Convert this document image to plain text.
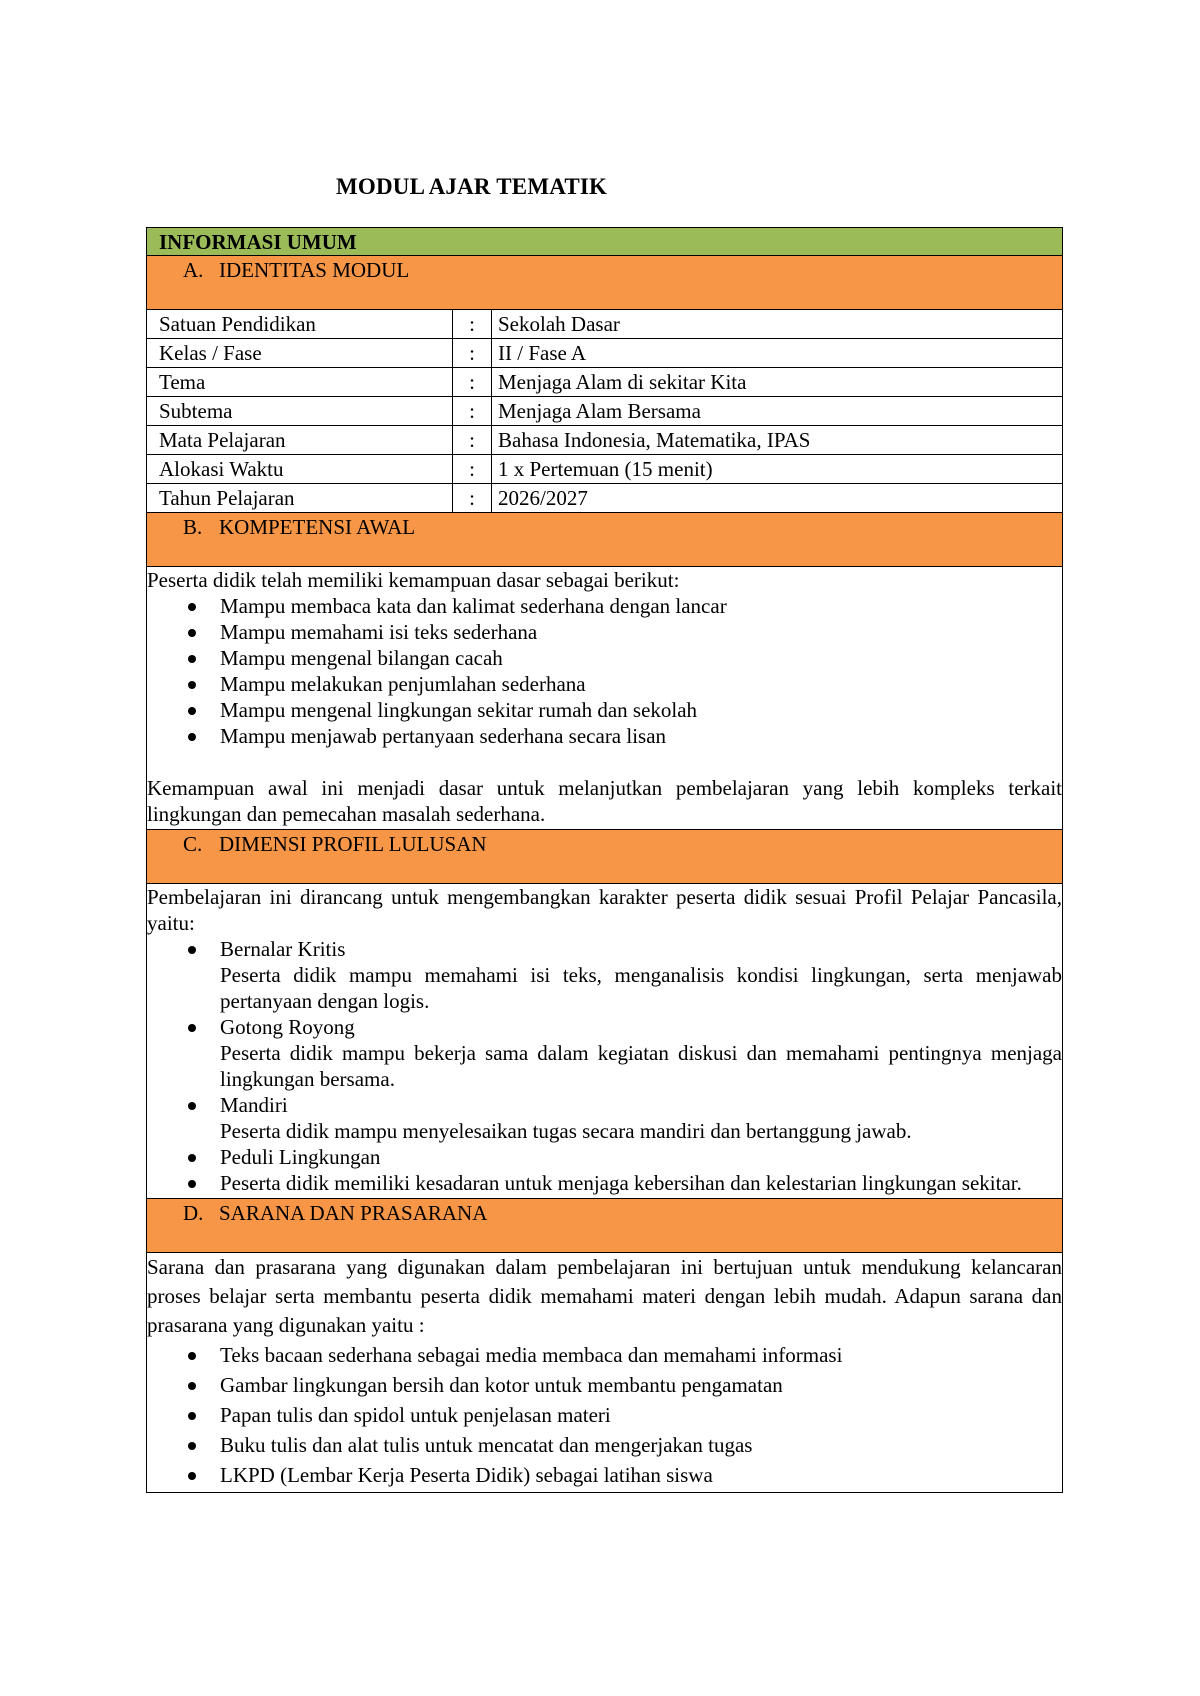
MODUL AJAR TEMATIK
INFORMASI UMUM
A. IDENTITAS MODUL
Satuan Pendidikan	:	Sekolah Dasar
Kelas / Fase	:	II / Fase A
Tema	:	Menjaga Alam di sekitar Kita
Subtema	:	Menjaga Alam Bersama
Mata Pelajaran	:	Bahasa Indonesia, Matematika, IPAS
Alokasi Waktu	:	1 x Pertemuan (15 menit)
Tahun Pelajaran	:	2026/2027
B. KOMPETENSI AWAL

Peserta didik telah memiliki kemampuan dasar sebagai berikut:

Mampu membaca kata dan kalimat sederhana dengan lancar
Mampu memahami isi teks sederhana
Mampu mengenal bilangan cacah
Mampu melakukan penjumlahan sederhana
Mampu mengenal lingkungan sekitar rumah dan sekolah
Mampu menjawab pertanyaan sederhana secara lisan

Kemampuan awal ini menjadi dasar untuk melanjutkan pembelajaran yang lebih kompleks terkait lingkungan dan pemecahan masalah sederhana.

C. DIMENSI PROFIL LULUSAN

Pembelajaran ini dirancang untuk mengembangkan karakter peserta didik sesuai Profil Pelajar Pancasila, yaitu:

Bernalar Kritis
Peserta didik mampu memahami isi teks, menganalisis kondisi lingkungan, serta menjawab pertanyaan dengan logis.
Gotong Royong
Peserta didik mampu bekerja sama dalam kegiatan diskusi dan memahami pentingnya menjaga lingkungan bersama.
Mandiri
Peserta didik mampu menyelesaikan tugas secara mandiri dan bertanggung jawab.
Peduli Lingkungan
Peserta didik memiliki kesadaran untuk menjaga kebersihan dan kelestarian lingkungan sekitar.
D. SARANA DAN PRASARANA

Sarana dan prasarana yang digunakan dalam pembelajaran ini bertujuan untuk mendukung kelancaran proses belajar serta membantu peserta didik memahami materi dengan lebih mudah. Adapun sarana dan prasarana yang digunakan yaitu :

Teks bacaan sederhana sebagai media membaca dan memahami informasi
Gambar lingkungan bersih dan kotor untuk membantu pengamatan
Papan tulis dan spidol untuk penjelasan materi
Buku tulis dan alat tulis untuk mencatat dan mengerjakan tugas
LKPD (Lembar Kerja Peserta Didik) sebagai latihan siswa
